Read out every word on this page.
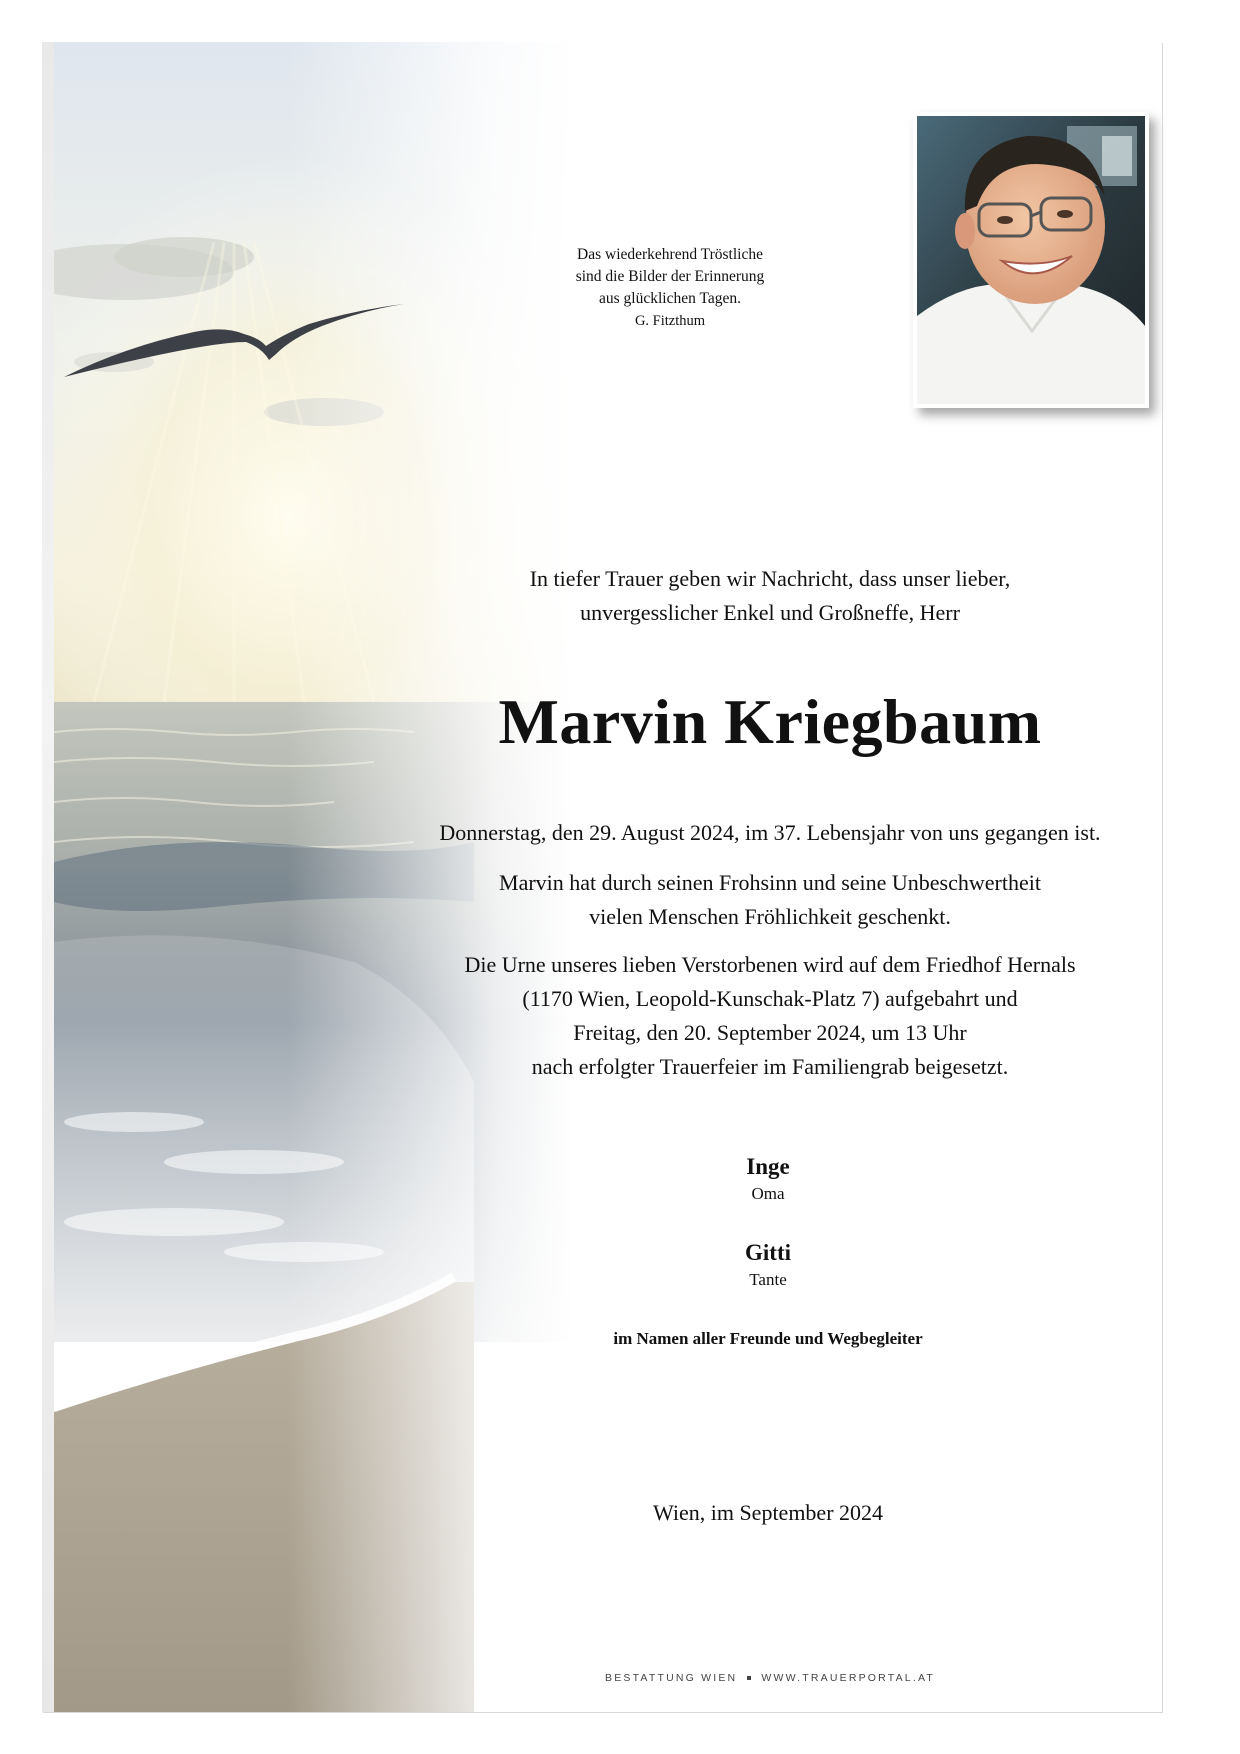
Das wiederkehrend Tröstliche
sind die Bilder der Erinnerung
aus glücklichen Tagen.
G. Fitzthum
In tiefer Trauer geben wir Nachricht, dass unser lieber,
unvergesslicher Enkel und Großneffe, Herr
Marvin Kriegbaum
Donnerstag, den 29. August 2024, im 37. Lebensjahr von uns gegangen ist.
Marvin hat durch seinen Frohsinn und seine Unbeschwertheit
vielen Menschen Fröhlichkeit geschenkt.
Die Urne unseres lieben Verstorbenen wird auf dem Friedhof Hernals
(1170 Wien, Leopold-Kunschak-Platz 7) aufgebahrt und
Freitag, den 20. September 2024, um 13 Uhr
nach erfolgter Trauerfeier im Familiengrab beigesetzt.
Inge
Oma
Gitti
Tante
im Namen aller Freunde und Wegbegleiter
Wien, im September 2024
BESTATTUNG WIEN WWW.TRAUERPORTAL.AT
